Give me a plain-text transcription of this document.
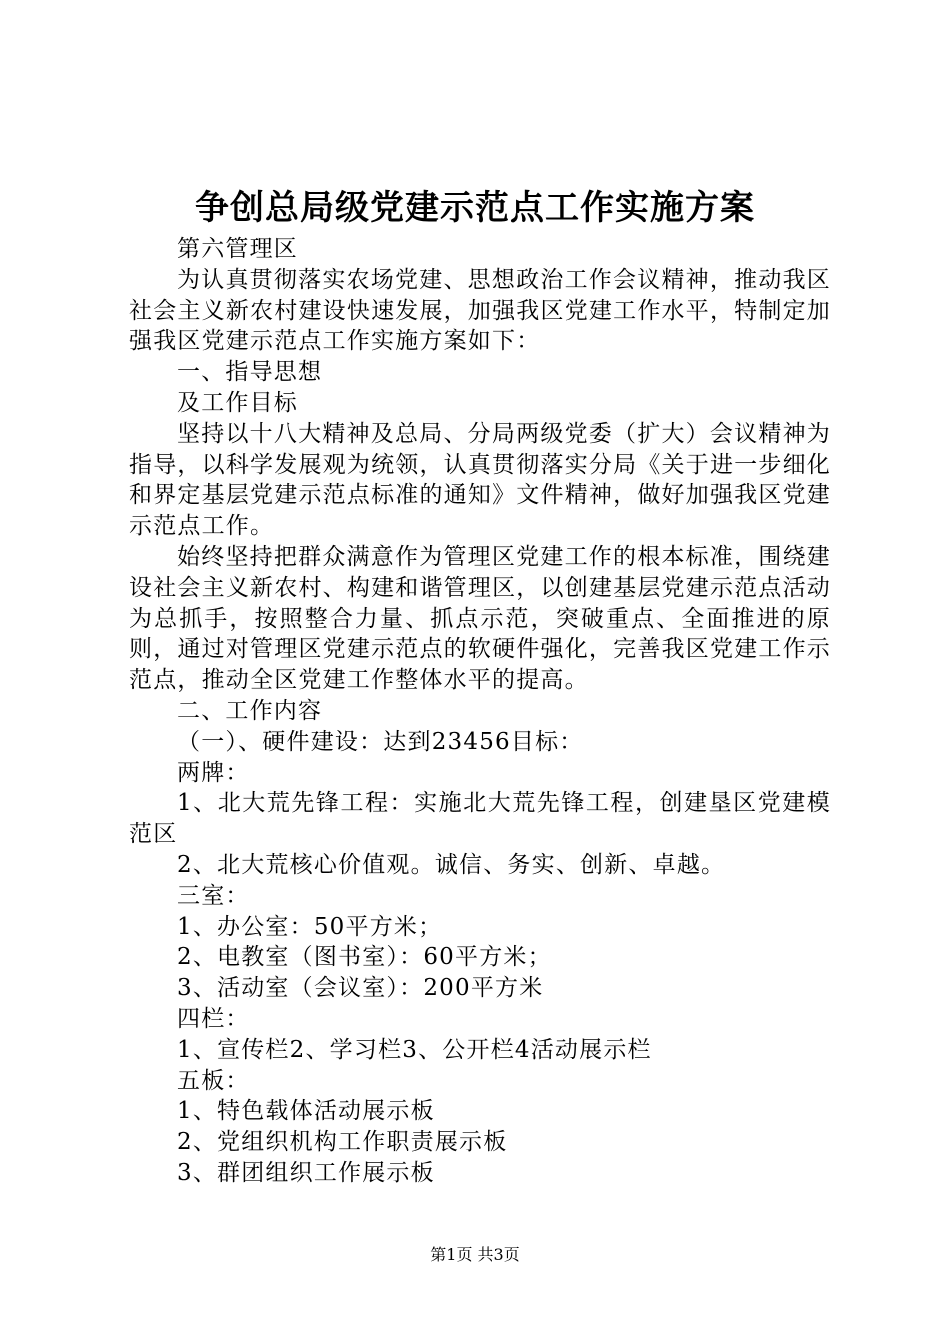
争创总局级党建示范点工作实施方案

第六管理区

为认真贯彻落实农场党建、思想政治工作会议精神，推动我区社会主义新农村建设快速发展，加强我区党建工作水平，特制定加强我区党建示范点工作实施方案如下：

一、指导思想

及工作目标

坚持以十八大精神及总局、分局两级党委（扩大）会议精神为指导，以科学发展观为统领，认真贯彻落实分局《关于进一步细化和界定基层党建示范点标准的通知》文件精神，做好加强我区党建示范点工作。

始终坚持把群众满意作为管理区党建工作的根本标准，围绕建设社会主义新农村、构建和谐管理区，以创建基层党建示范点活动为总抓手，按照整合力量、抓点示范，突破重点、全面推进的原则，通过对管理区党建示范点的软硬件强化，完善我区党建工作示范点，推动全区党建工作整体水平的提高。

二、工作内容

（一）、硬件建设：达到23456目标：

两牌：

1、北大荒先锋工程：实施北大荒先锋工程，创建垦区党建模范区

2、北大荒核心价值观。诚信、务实、创新、卓越。

三室：

1、办公室：50平方米；

2、电教室（图书室）：60平方米；

3、活动室（会议室）：200平方米

四栏：

1、宣传栏2、学习栏3、公开栏4活动展示栏

五板：

1、特色载体活动展示板

2、党组织机构工作职责展示板

3、群团组织工作展示板

第1页 共3页
